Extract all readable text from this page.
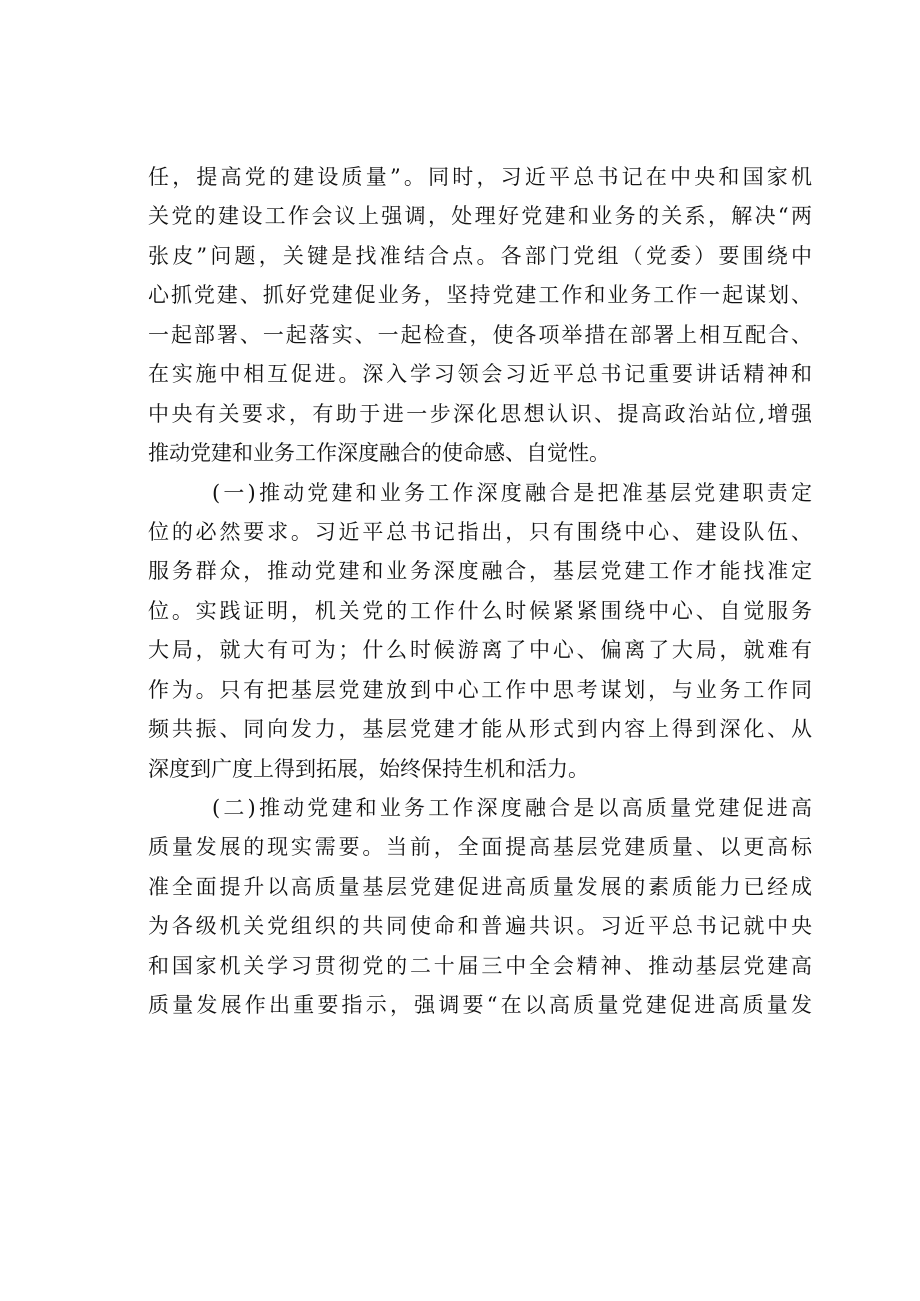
任，提高党的建设质量”。同时，习近平总书记在中央和国家机
关党的建设工作会议上强调，处理好党建和业务的关系，解决“两
张皮”问题，关键是找准结合点。各部门党组（党委）要围绕中
心抓党建、抓好党建促业务，坚持党建工作和业务工作一起谋划、
一起部署、一起落实、一起检查，使各项举措在部署上相互配合、
在实施中相互促进。深入学习领会习近平总书记重要讲话精神和
中央有关要求，有助于进一步深化思想认识、提高政治站位,增强
推动党建和业务工作深度融合的使命感、自觉性。
(一)推动党建和业务工作深度融合是把准基层党建职责定
位的必然要求。习近平总书记指出，只有围绕中心、建设队伍、
服务群众，推动党建和业务深度融合，基层党建工作才能找准定
位。实践证明，机关党的工作什么时候紧紧围绕中心、自觉服务
大局，就大有可为；什么时候游离了中心、偏离了大局，就难有
作为。只有把基层党建放到中心工作中思考谋划，与业务工作同
频共振、同向发力，基层党建才能从形式到内容上得到深化、从
深度到广度上得到拓展，始终保持生机和活力。
(二)推动党建和业务工作深度融合是以高质量党建促进高
质量发展的现实需要。当前，全面提高基层党建质量、以更高标
准全面提升以高质量基层党建促进高质量发展的素质能力已经成
为各级机关党组织的共同使命和普遍共识。习近平总书记就中央
和国家机关学习贯彻党的二十届三中全会精神、推动基层党建高
质量发展作出重要指示，强调要“在以高质量党建促进高质量发
